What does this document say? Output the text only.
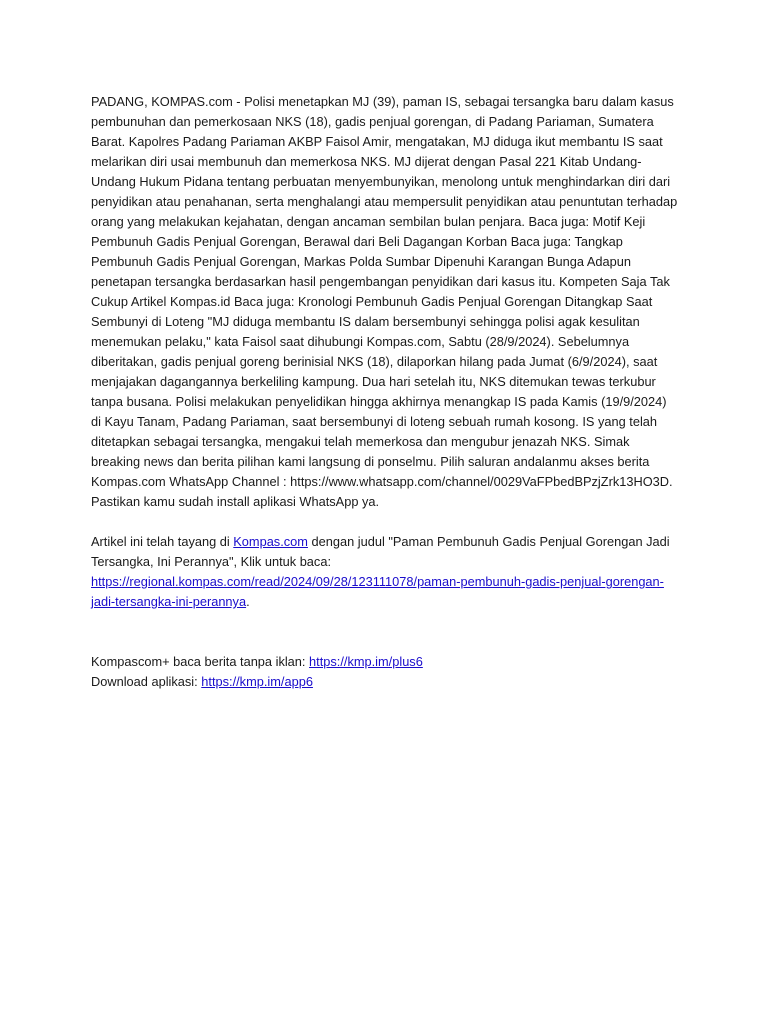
PADANG, KOMPAS.com - Polisi menetapkan MJ (39), paman IS, sebagai tersangka baru dalam kasus pembunuhan dan pemerkosaan NKS (18), gadis penjual gorengan, di Padang Pariaman, Sumatera Barat. Kapolres Padang Pariaman AKBP Faisol Amir, mengatakan, MJ diduga ikut membantu IS saat melarikan diri usai membunuh dan memerkosa NKS. MJ dijerat dengan Pasal 221 Kitab Undang-Undang Hukum Pidana tentang perbuatan menyembunyikan, menolong untuk menghindarkan diri dari penyidikan atau penahanan, serta menghalangi atau mempersulit penyidikan atau penuntutan terhadap orang yang melakukan kejahatan, dengan ancaman sembilan bulan penjara. Baca juga: Motif Keji Pembunuh Gadis Penjual Gorengan, Berawal dari Beli Dagangan Korban Baca juga: Tangkap Pembunuh Gadis Penjual Gorengan, Markas Polda Sumbar Dipenuhi Karangan Bunga Adapun penetapan tersangka berdasarkan hasil pengembangan penyidikan dari kasus itu. Kompeten Saja Tak Cukup Artikel Kompas.id Baca juga: Kronologi Pembunuh Gadis Penjual Gorengan Ditangkap Saat Sembunyi di Loteng "MJ diduga membantu IS dalam bersembunyi sehingga polisi agak kesulitan menemukan pelaku," kata Faisol saat dihubungi Kompas.com, Sabtu (28/9/2024). Sebelumnya diberitakan, gadis penjual goreng berinisial NKS (18), dilaporkan hilang pada Jumat (6/9/2024), saat menjajakan dagangannya berkeliling kampung. Dua hari setelah itu, NKS ditemukan tewas terkubur tanpa busana. Polisi melakukan penyelidikan hingga akhirnya menangkap IS pada Kamis (19/9/2024) di Kayu Tanam, Padang Pariaman, saat bersembunyi di loteng sebuah rumah kosong. IS yang telah ditetapkan sebagai tersangka, mengakui telah memerkosa dan mengubur jenazah NKS. Simak breaking news dan berita pilihan kami langsung di ponselmu. Pilih saluran andalanmu akses berita Kompas.com WhatsApp Channel : https://www.whatsapp.com/channel/0029VaFPbedBPzjZrk13HO3D. Pastikan kamu sudah install aplikasi WhatsApp ya.

Artikel ini telah tayang di Kompas.com dengan judul "Paman Pembunuh Gadis Penjual Gorengan Jadi Tersangka, Ini Perannya", Klik untuk baca: https://regional.kompas.com/read/2024/09/28/123111078/paman-pembunuh-gadis-penjual-gorengan-jadi-tersangka-ini-perannya.

Kompascom+ baca berita tanpa iklan: https://kmp.im/plus6

Download aplikasi: https://kmp.im/app6
